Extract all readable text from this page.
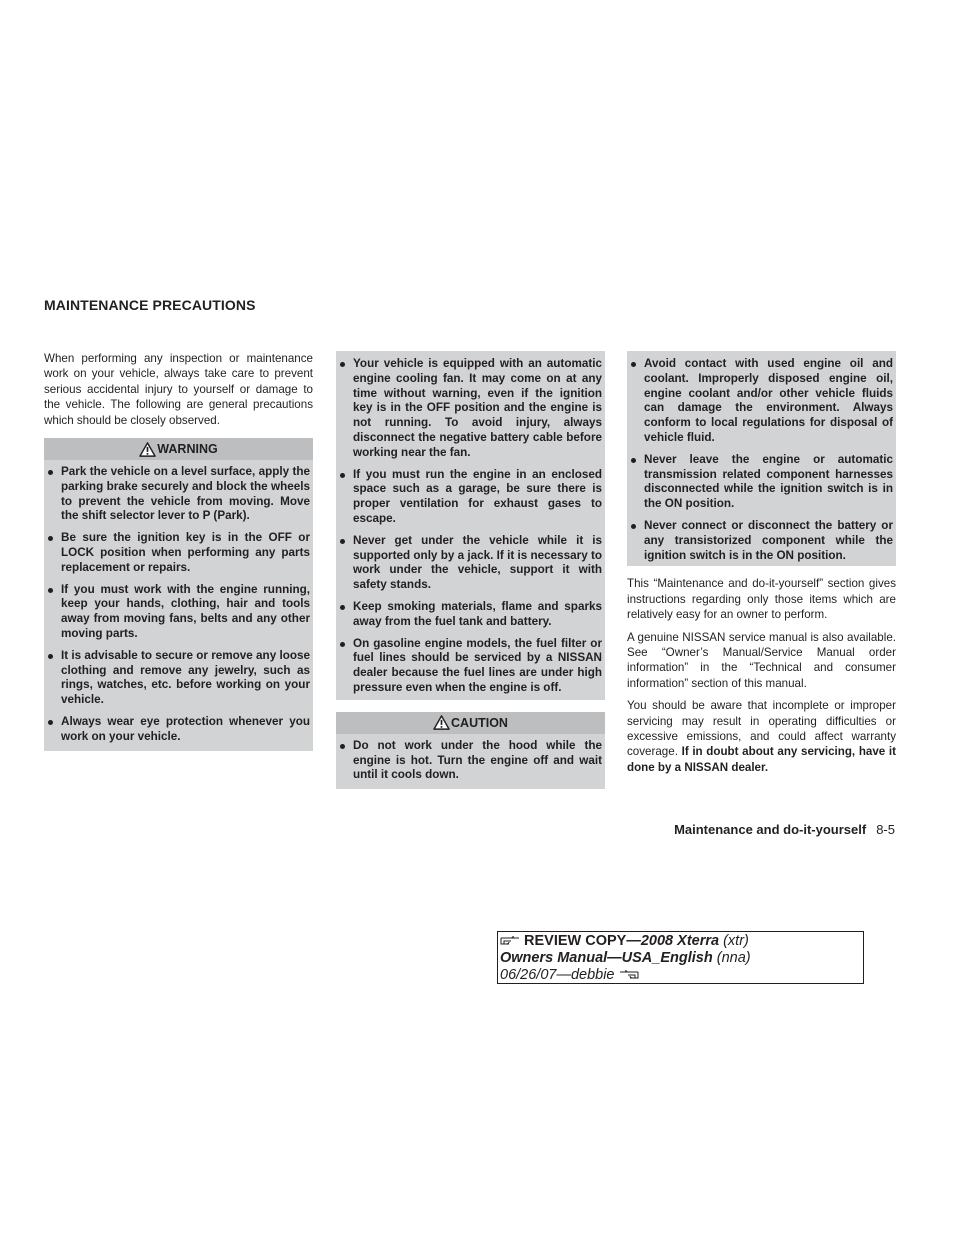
MAINTENANCE PRECAUTIONS

When performing any inspection or maintenance work on your vehicle, always take care to prevent serious accidental injury to yourself or damage to the vehicle. The following are general precautions which should be closely observed.

WARNING
Park the vehicle on a level surface, apply the parking brake securely and block the wheels to prevent the vehicle from moving. Move the shift selector lever to P (Park).
Be sure the ignition key is in the OFF or LOCK position when performing any parts replacement or repairs.
If you must work with the engine running, keep your hands, clothing, hair and tools away from moving fans, belts and any other moving parts.
It is advisable to secure or remove any loose clothing and remove any jewelry, such as rings, watches, etc. before working on your vehicle.
Always wear eye protection whenever you work on your vehicle.
Your vehicle is equipped with an automatic engine cooling fan. It may come on at any time without warning, even if the ignition key is in the OFF position and the engine is not running. To avoid injury, always disconnect the negative battery cable before working near the fan.
If you must run the engine in an enclosed space such as a garage, be sure there is proper ventilation for exhaust gases to escape.
Never get under the vehicle while it is supported only by a jack. If it is necessary to work under the vehicle, support it with safety stands.
Keep smoking materials, flame and sparks away from the fuel tank and battery.
On gasoline engine models, the fuel filter or fuel lines should be serviced by a NISSAN dealer because the fuel lines are under high pressure even when the engine is off.
CAUTION
Do not work under the hood while the engine is hot. Turn the engine off and wait until it cools down.
Avoid contact with used engine oil and coolant. Improperly disposed engine oil, engine coolant and/or other vehicle fluids can damage the environment. Always conform to local regulations for disposal of vehicle fluid.
Never leave the engine or automatic transmission related component harnesses disconnected while the ignition switch is in the ON position.
Never connect or disconnect the battery or any transistorized component while the ignition switch is in the ON position.

This “Maintenance and do-it-yourself” section gives instructions regarding only those items which are relatively easy for an owner to perform.

A genuine NISSAN service manual is also available. See “Owner’s Manual/Service Manual order information” in the “Technical and consumer information” section of this manual.

You should be aware that incomplete or improper servicing may result in operating difficulties or excessive emissions, and could affect warranty coverage. If in doubt about any servicing, have it done by a NISSAN dealer.

Maintenance and do-it-yourself 8-5
REVIEW COPY—2008 Xterra (xtr)
Owners Manual—USA_English (nna)
06/26/07—debbie
